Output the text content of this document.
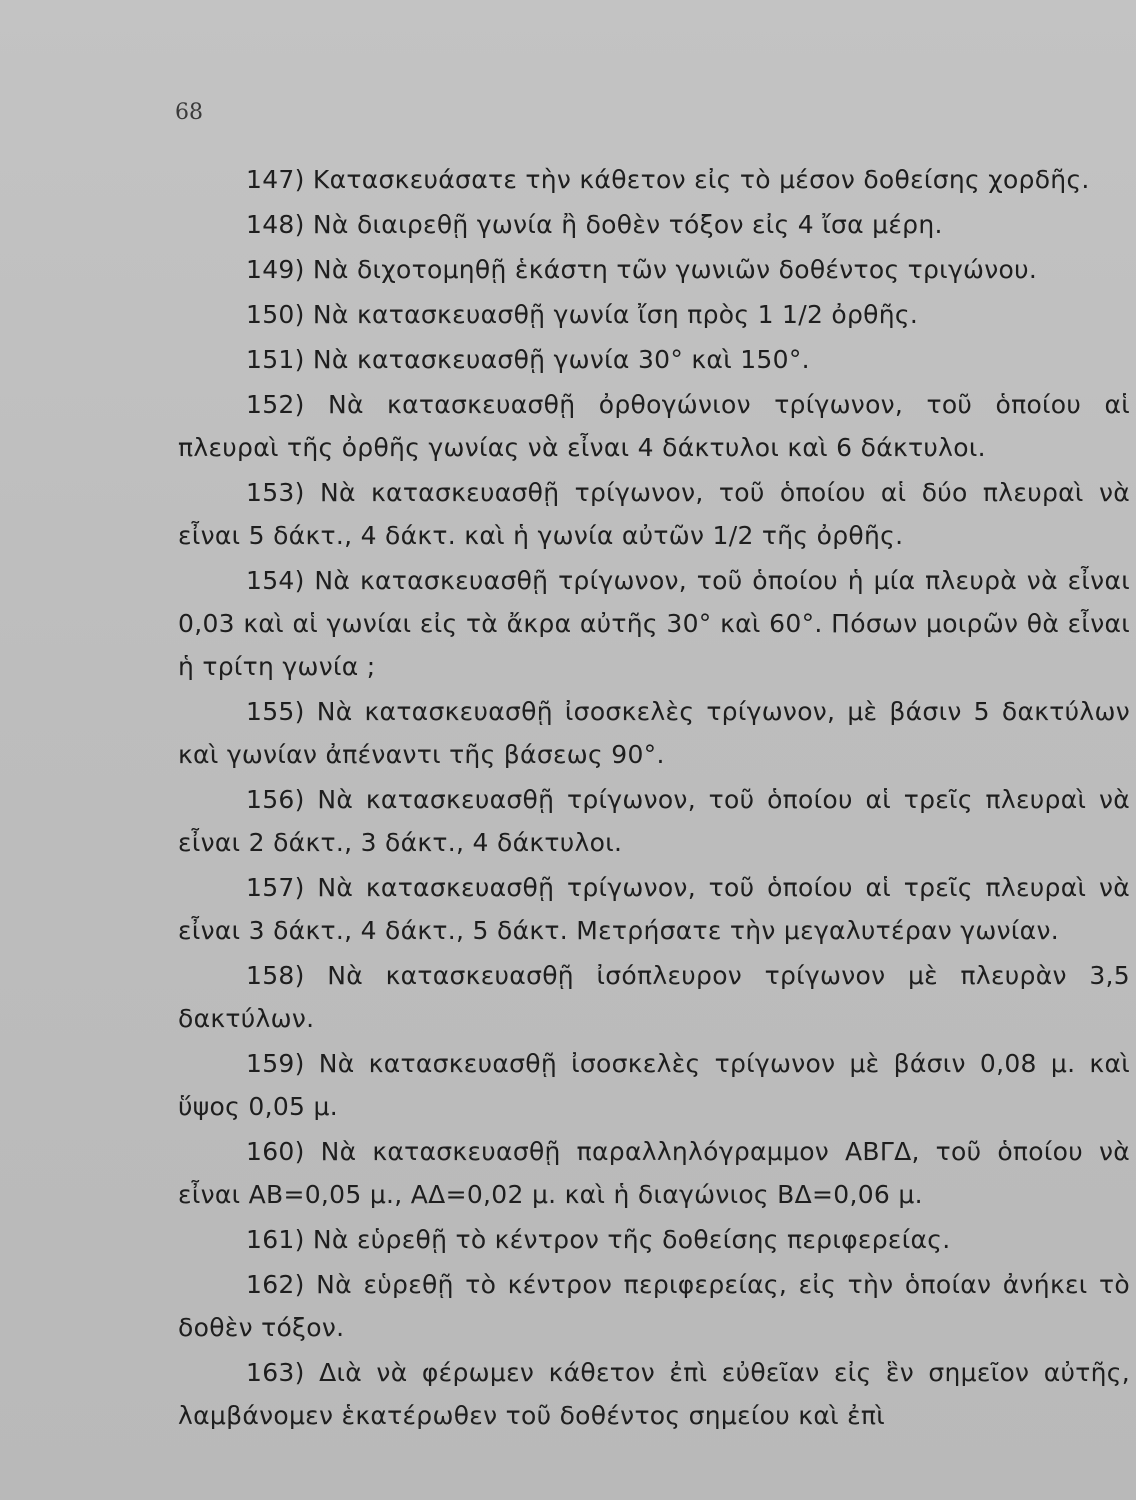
68

147) Κατασκευάσατε τὴν κάθετον εἰς τὸ μέσον δοθείσης χορδῆς.

148) Νὰ διαιρεθῇ γωνία ἢ δοθὲν τόξον εἰς 4 ἴσα μέρη.

149) Νὰ διχοτομηθῇ ἑκάστη τῶν γωνιῶν δοθέντος τριγώνου.

150) Νὰ κατασκευασθῇ γωνία ἴση πρὸς 1 1/2 ὀρθῆς.

151) Νὰ κατασκευασθῇ γωνία 30° καὶ 150°.

152) Νὰ κατασκευασθῇ ὀρθογώνιον τρίγωνον, τοῦ ὁποίου αἱ πλευραὶ τῆς ὀρθῆς γωνίας νὰ εἶναι 4 δάκτυλοι καὶ 6 δάκτυλοι.

153) Νὰ κατασκευασθῇ τρίγωνον, τοῦ ὁποίου αἱ δύο πλευραὶ νὰ εἶναι 5 δάκτ., 4 δάκτ. καὶ ἡ γωνία αὐτῶν 1/2 τῆς ὀρθῆς.

154) Νὰ κατασκευασθῇ τρίγωνον, τοῦ ὁποίου ἡ μία πλευρὰ νὰ εἶναι 0,03 καὶ αἱ γωνίαι εἰς τὰ ἄκρα αὐτῆς 30° καὶ 60°. Πόσων μοιρῶν θὰ εἶναι ἡ τρίτη γωνία ;

155) Νὰ κατασκευασθῇ ἰσοσκελὲς τρίγωνον, μὲ βάσιν 5 δακτύλων καὶ γωνίαν ἀπέναντι τῆς βάσεως 90°.

156) Νὰ κατασκευασθῇ τρίγωνον, τοῦ ὁποίου αἱ τρεῖς πλευραὶ νὰ εἶναι 2 δάκτ., 3 δάκτ., 4 δάκτυλοι.

157) Νὰ κατασκευασθῇ τρίγωνον, τοῦ ὁποίου αἱ τρεῖς πλευραὶ νὰ εἶναι 3 δάκτ., 4 δάκτ., 5 δάκτ. Μετρήσατε τὴν μεγαλυτέραν γωνίαν.

158) Νὰ κατασκευασθῇ ἰσόπλευρον τρίγωνον μὲ πλευρὰν 3,5 δακτύλων.

159) Νὰ κατασκευασθῇ ἰσοσκελὲς τρίγωνον μὲ βάσιν 0,08 μ. καὶ ὕψος 0,05 μ.

160) Νὰ κατασκευασθῇ παραλληλόγραμμον ΑΒΓΔ, τοῦ ὁποίου νὰ εἶναι ΑΒ=0,05 μ., ΑΔ=0,02 μ. καὶ ἡ διαγώνιος ΒΔ=0,06 μ.

161) Νὰ εὑρεθῇ τὸ κέντρον τῆς δοθείσης περιφερείας.

162) Νὰ εὑρεθῇ τὸ κέντρον περιφερείας, εἰς τὴν ὁποίαν ἀνήκει τὸ δοθὲν τόξον.

163) Διὰ νὰ φέρωμεν κάθετον ἐπὶ εὐθεῖαν εἰς ἓν σημεῖον αὐτῆς, λαμβάνομεν ἑκατέρωθεν τοῦ δοθέντος σημείου καὶ ἐπὶ
